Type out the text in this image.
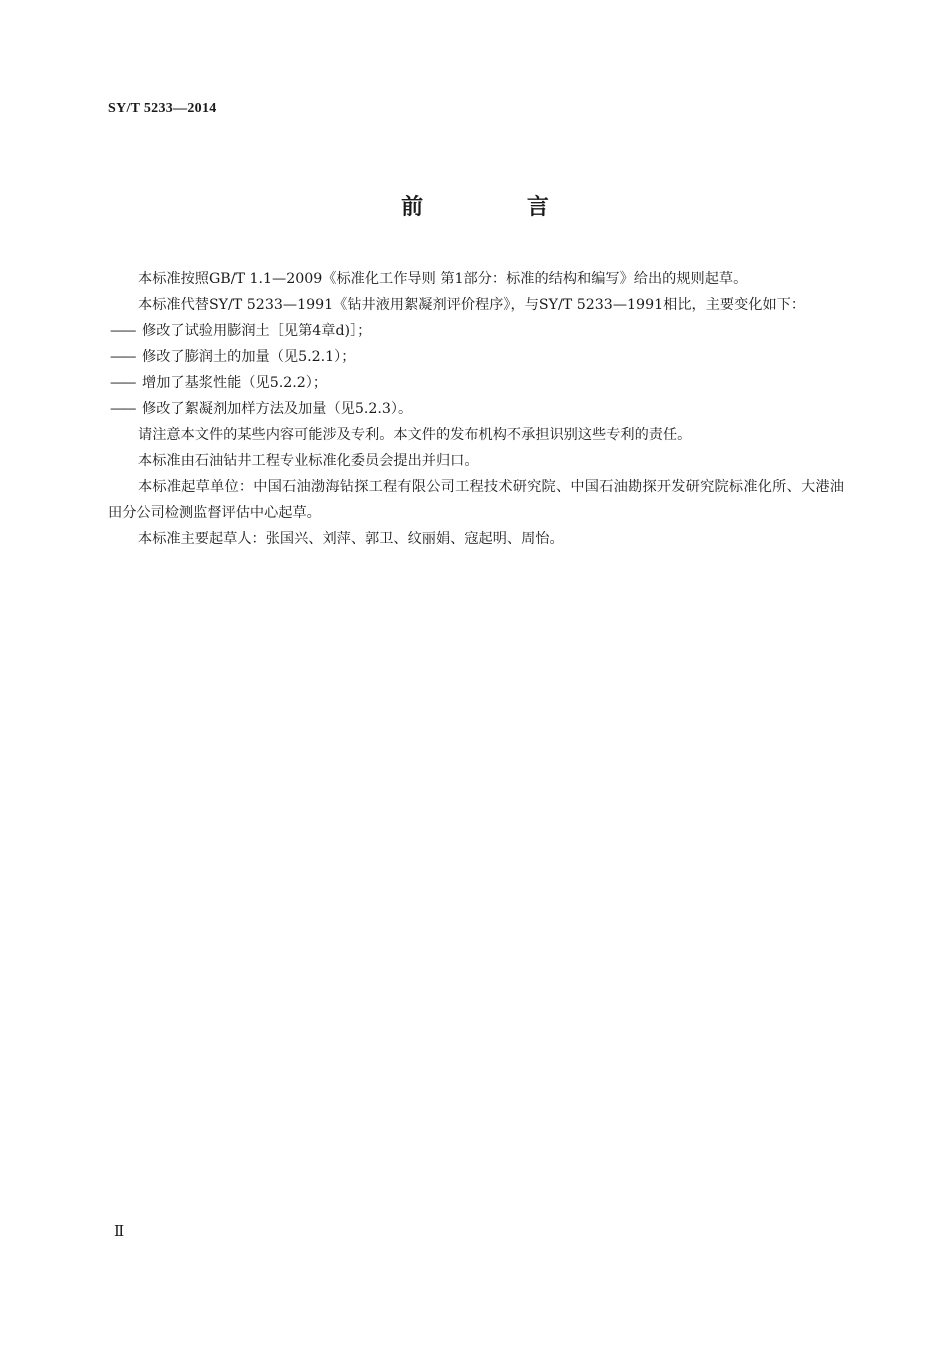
SY/T 5233—2014
前 言

本标准按照GB/T 1.1—2009《标准化工作导则 第1部分：标准的结构和编写》给出的规则起草。

本标准代替SY/T 5233—1991《钻井液用絮凝剂评价程序》，与SY/T 5233—1991相比，主要变化如下：

—— 修改了试验用膨润土［见第4章d)］；
—— 修改了膨润土的加量（见5.2.1）；
—— 增加了基浆性能（见5.2.2）；
—— 修改了絮凝剂加样方法及加量（见5.2.3）。

请注意本文件的某些内容可能涉及专利。本文件的发布机构不承担识别这些专利的责任。

本标准由石油钻井工程专业标准化委员会提出并归口。

本标准起草单位：中国石油渤海钻探工程有限公司工程技术研究院、中国石油勘探开发研究院标准化所、大港油田分公司检测监督评估中心起草。

本标准主要起草人：张国兴、刘萍、郭卫、纹丽娟、寇起明、周怡。

Ⅱ
